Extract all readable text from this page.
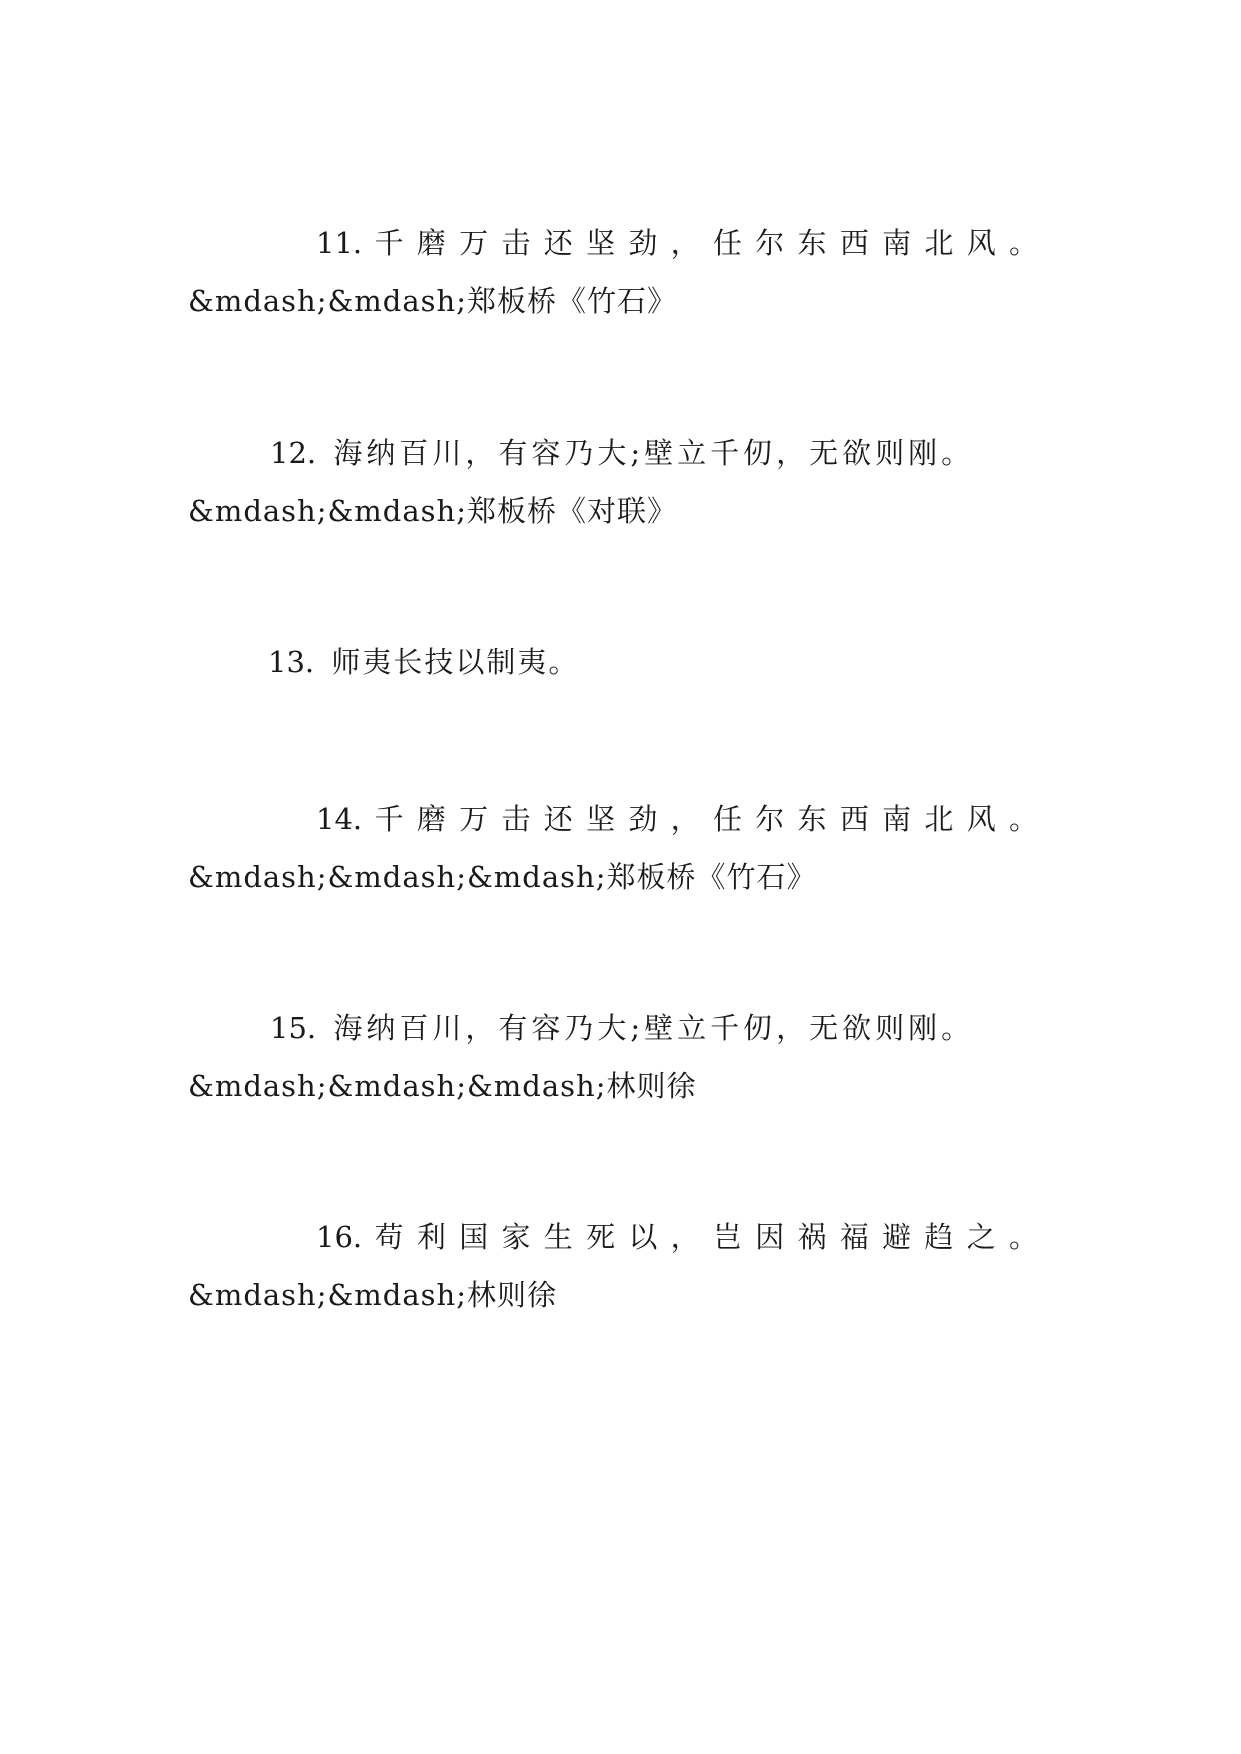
11. 千磨万击还坚劲，任尔东西南北风。
&mdash;&mdash;郑板桥《竹石》
12. 海纳百川，有容乃大;壁立千仞，无欲则刚。
&mdash;&mdash;郑板桥《对联》
13. 师夷长技以制夷。
14. 千磨万击还坚劲，任尔东西南北风。
&mdash;&mdash;&mdash;郑板桥《竹石》
15. 海纳百川，有容乃大;壁立千仞，无欲则刚。
&mdash;&mdash;&mdash;林则徐
16. 苟利国家生死以，岂因祸福避趋之。
&mdash;&mdash;林则徐
